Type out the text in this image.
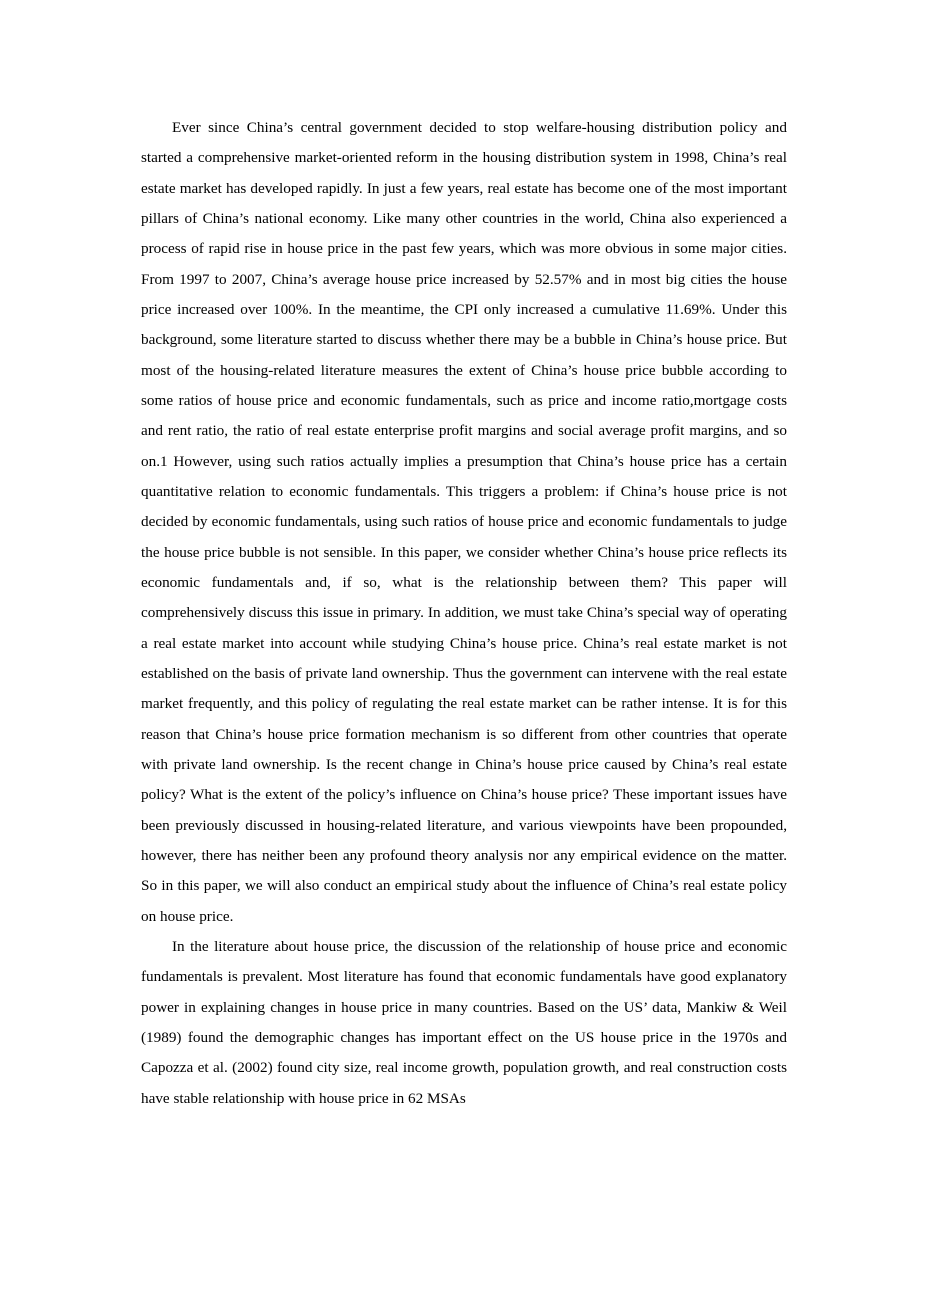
Ever since China’s central government decided to stop welfare-housing distribution policy and started a comprehensive market-oriented reform in the housing distribution system in 1998, China’s real estate market has developed rapidly. In just a few years, real estate has become one of the most important pillars of China’s national economy. Like many other countries in the world, China also experienced a process of rapid rise in house price in the past few years, which was more obvious in some major cities. From 1997 to 2007, China’s average house price increased by 52.57% and in most big cities the house price increased over 100%. In the meantime, the CPI only increased a cumulative 11.69%. Under this background, some literature started to discuss whether there may be a bubble in China’s house price. But most of the housing-related literature measures the extent of China’s house price bubble according to some ratios of house price and economic fundamentals, such as price and income ratio,mortgage costs and rent ratio, the ratio of real estate enterprise profit margins and social average profit margins, and so on.1 However, using such ratios actually implies a presumption that China’s house price has a certain quantitative relation to economic fundamentals. This triggers a problem: if China’s house price is not decided by economic fundamentals, using such ratios of house price and economic fundamentals to judge the house price bubble is not sensible. In this paper, we consider whether China’s house price reflects its economic fundamentals and, if so, what is the relationship between them? This paper will comprehensively discuss this issue in primary. In addition, we must take China’s special way of operating a real estate market into account while studying China’s house price. China’s real estate market is not established on the basis of private land ownership. Thus the government can intervene with the real estate market frequently, and this policy of regulating the real estate market can be rather intense. It is for this reason that China’s house price formation mechanism is so different from other countries that operate with private land ownership. Is the recent change in China’s house price caused by China’s real estate policy? What is the extent of the policy’s influence on China’s house price? These important issues have been previously discussed in housing-related literature, and various viewpoints have been propounded, however, there has neither been any profound theory analysis nor any empirical evidence on the matter. So in this paper, we will also conduct an empirical study about the influence of China’s real estate policy on house price.

In the literature about house price, the discussion of the relationship of house price and economic fundamentals is prevalent. Most literature has found that economic fundamentals have good explanatory power in explaining changes in house price in many countries. Based on the US’ data, Mankiw & Weil (1989) found the demographic changes has important effect on the US house price in the 1970s and Capozza et al. (2002) found city size, real income growth, population growth, and real construction costs have stable relationship with house price in 62 MSAs
